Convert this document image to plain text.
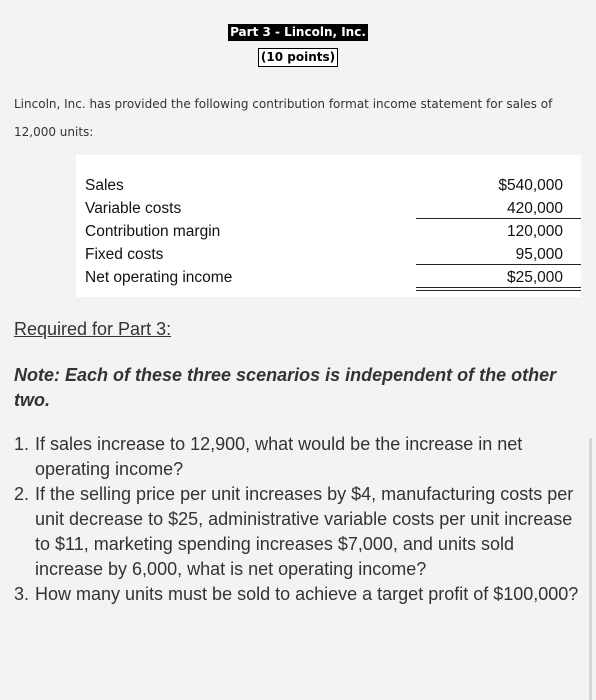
Part 3 - Lincoln, Inc.
(10 points)
Lincoln, Inc. has provided the following contribution format income statement for sales of 12,000 units:
Sales	$540,000
Variable costs	420,000
Contribution margin	120,000
Fixed costs	95,000
Net operating income	$25,000
Required for Part 3:
Note: Each of these three scenarios is independent of the other two.
1. If sales increase to 12,900, what would be the increase in net operating income?
2. If the selling price per unit increases by $4, manufacturing costs per unit decrease to $25, administrative variable costs per unit increase to $11, marketing spending increases $7,000, and units sold increase by 6,000, what is net operating income?
3. How many units must be sold to achieve a target profit of $100,000?
